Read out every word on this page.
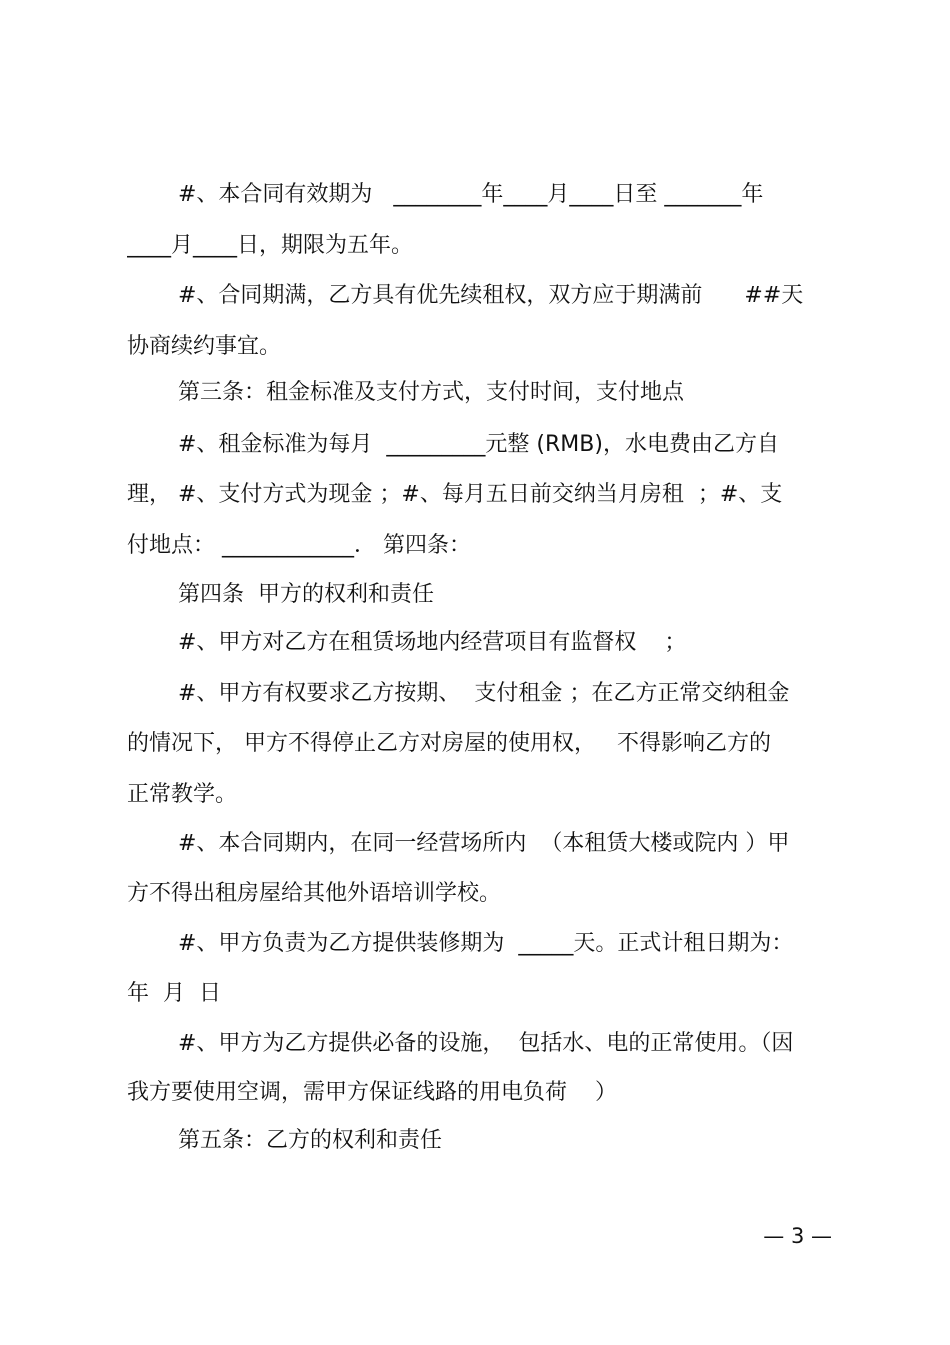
#、本合同有效期为   ________年____月____日至 _______年
____月____日，期限为五年。
#、合同期满，乙方具有优先续租权，双方应于期满前      ##天
协商续约事宜。
第三条：租金标准及支付方式，支付时间，支付地点
#、租金标准为每月  _________元整 (RMB)，水电费由乙方自
理， #、支付方式为现金 ；#、每月五日前交纳当月房租  ；#、支
付地点： ____________． 第四条：
第四条  甲方的权利和责任
#、甲方对乙方在租赁场地内经营项目有监督权    ；
#、甲方有权要求乙方按期、  支付租金 ；在乙方正常交纳租金
的情况下， 甲方不得停止乙方对房屋的使用权，   不得影响乙方的
正常教学。
#、本合同期内，在同一经营场所内  （本租赁大楼或院内 ）甲
方不得出租房屋给其他外语培训学校。
#、甲方负责为乙方提供装修期为  _____天。正式计租日期为：
年  月  日
#、甲方为乙方提供必备的设施，  包括水、电的正常使用。（因
我方要使用空调，需甲方保证线路的用电负荷    ）
第五条：乙方的权利和责任
— 3 —
